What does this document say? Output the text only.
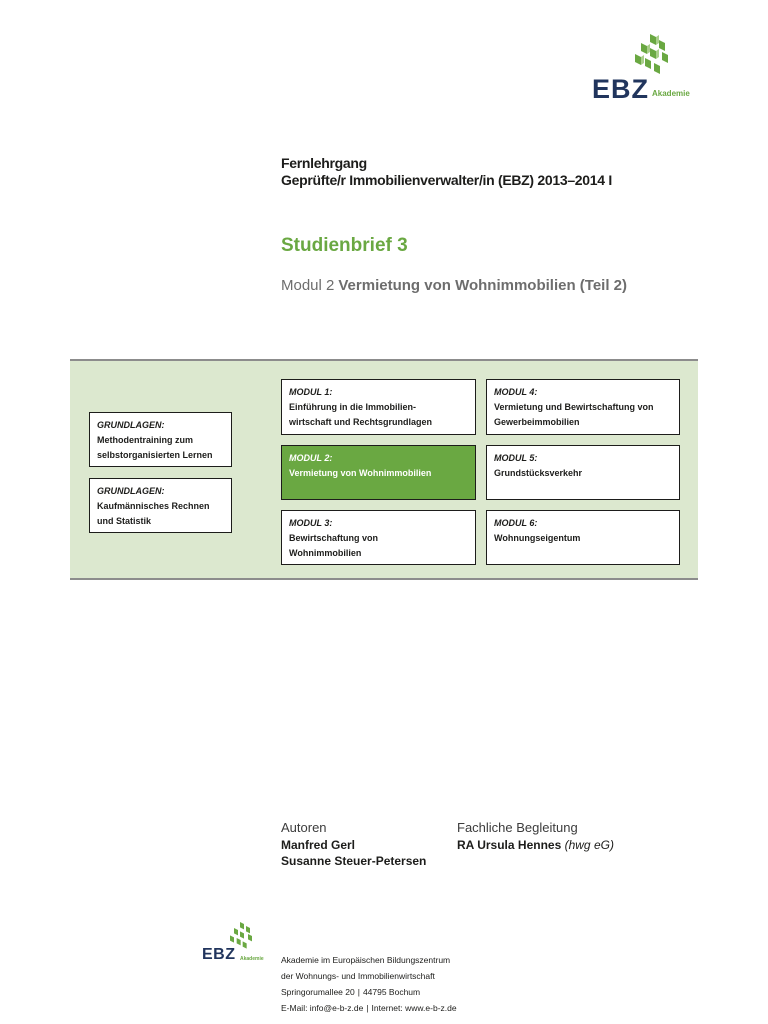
EBZ Akademie
Fernlehrgang
Geprüfte/r Immobilienverwalter/in (EBZ) 2013–2014 I
Studienbrief 3
Modul 2 Vermietung von Wohnimmobilien (Teil 2)
GRUNDLAGEN:
Methodentraining zum
selbstorganisierten Lernen
GRUNDLAGEN:
Kaufmännisches Rechnen
und Statistik
MODUL 1:
Einführung in die Immobilien-
wirtschaft und Rechtsgrundlagen
MODUL 2:
Vermietung von Wohnimmobilien
MODUL 3:
Bewirtschaftung von
Wohnimmobilien
MODUL 4:
Vermietung und Bewirtschaftung von
Gewerbeimmobilien
MODUL 5:
Grundstücksverkehr
MODUL 6:
Wohnungseigentum
Autoren
Manfred Gerl
Susanne Steuer-Petersen
Fachliche Begleitung
RA Ursula Hennes (hwg eG)
EBZ Akademie Akademie im Europäischen Bildungszentrum
der Wohnungs- und Immobilienwirtschaft
Springorumallee 20 | 44795 Bochum
E-Mail: info@e-b-z.de | Internet: www.e-b-z.de
